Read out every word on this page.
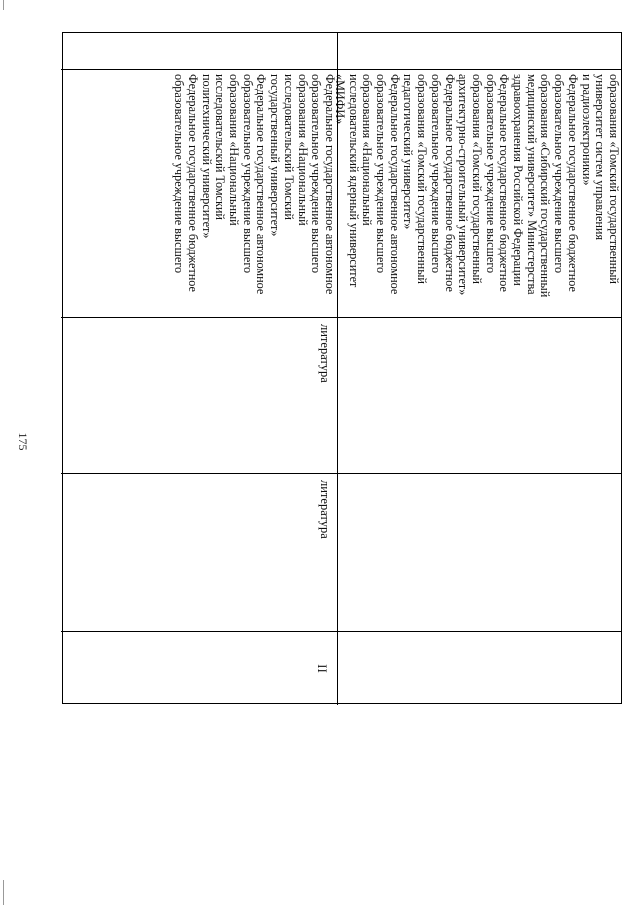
175
образования «Томский государственный
университет систем управления
и радиоэлектроники»
Федеральное государственное бюджетное
образовательное учреждение высшего
образования «Сибирский государственный
медицинский университет» Министерства
здравоохранения Российской Федерации
Федеральное государственное бюджетное
образовательное учреждение высшего
образования «Томский государственный
архитектурно-строительный университет»
Федеральное государственное бюджетное
образовательное учреждение высшего
образования «Томский государственный
педагогический университет»
Федеральное государственное автономное
образовательное учреждение высшего
образования «Национальный
исследовательский ядерный университет
«МИФИ»
Федеральное государственное автономное
образовательное учреждение высшего
образования «Национальный
исследовательский Томский
государственный университет»
Федеральное государственное автономное
образовательное учреждение высшего
образования «Национальный
исследовательский Томский
политехнический университет»
Федеральное государственное бюджетное
образовательное учреждение высшего
литература
литература
II
